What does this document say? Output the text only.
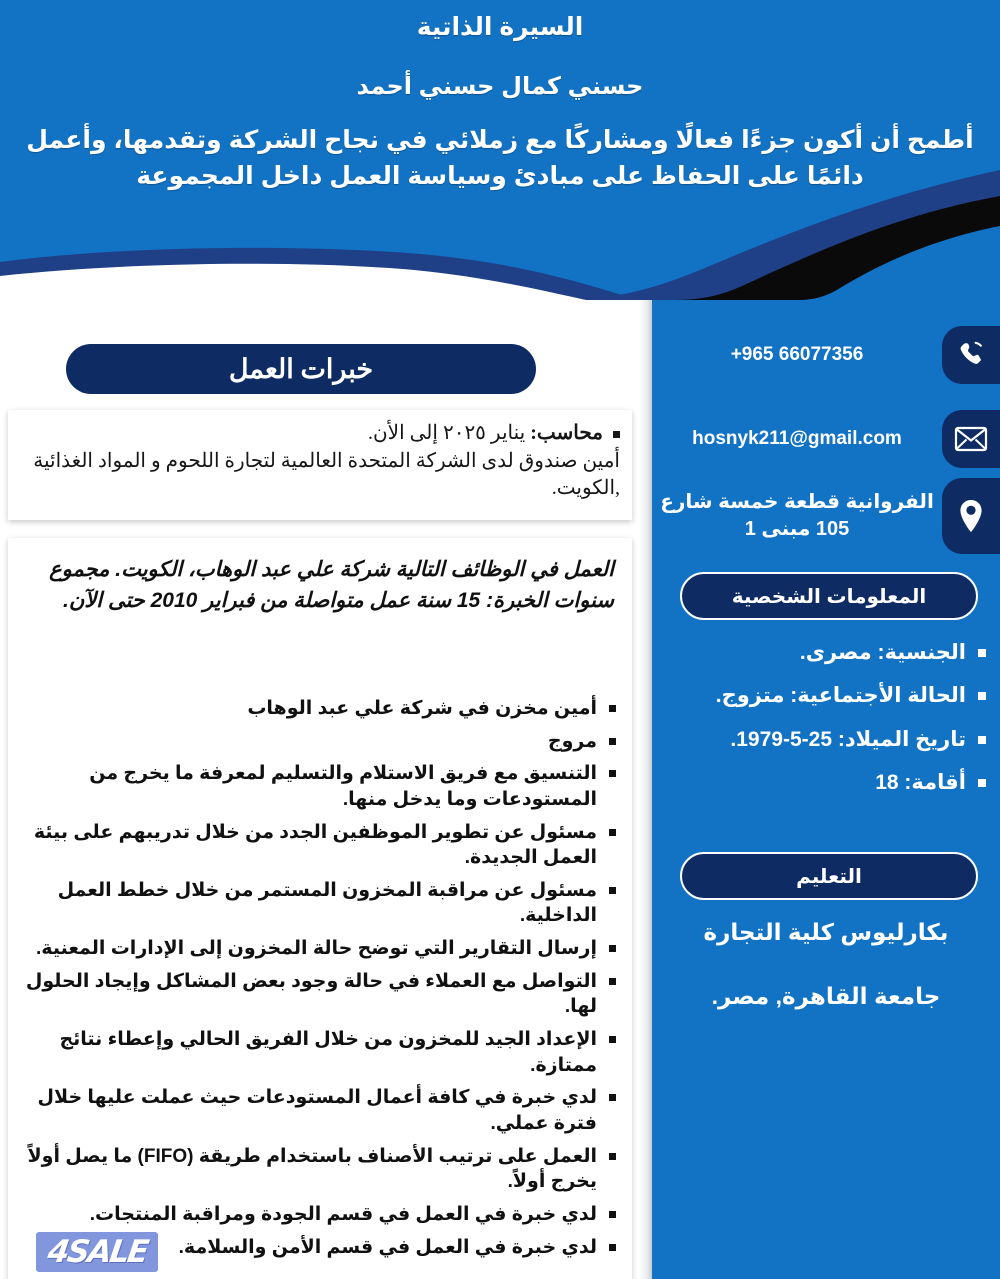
السيرة الذاتية
حسني كمال حسني أحمد
أطمح أن أكون جزءًا فعالًا ومشاركًا مع زملائي في نجاح الشركة وتقدمها، وأعمل دائمًا على الحفاظ على مبادئ وسياسة العمل داخل المجموعة
+965 66077356
hosnyk211@gmail.com
الفروانية قطعة خمسة شارع 105 مبنى 1
المعلومات الشخصية
الجنسية: مصرى.
الحالة الأجتماعية: متزوج.
تاريخ الميلاد: 25-5-1979.
أقامة: 18
التعليم
بكارليوس كلية التجارة
جامعة القاهرة, مصر.
خبرات العمل
محاسب: يناير ٢٠٢٥ إلى الأن.
أمين صندوق لدى الشركة المتحدة العالمية لتجارة اللحوم و المواد الغذائية ,الكويت.
العمل في الوظائف التالية شركة علي عبد الوهاب، الكويت. مجموع سنوات الخبرة: 15 سنة عمل متواصلة من فبراير 2010 حتى الآن.
أمين مخزن في شركة علي عبد الوهاب
مروج
التنسيق مع فريق الاستلام والتسليم لمعرفة ما يخرج من المستودعات وما يدخل منها.
مسئول عن تطوير الموظفين الجدد من خلال تدريبهم على بيئة العمل الجديدة.
مسئول عن مراقبة المخزون المستمر من خلال خطط العمل الداخلية.
إرسال التقارير التي توضح حالة المخزون إلى الإدارات المعنية.
التواصل مع العملاء في حالة وجود بعض المشاكل وإيجاد الحلول لها.
الإعداد الجيد للمخزون من خلال الفريق الحالي وإعطاء نتائج ممتازة.
لدي خبرة في كافة أعمال المستودعات حيث عملت عليها خلال فترة عملي.
العمل على ترتيب الأصناف باستخدام طريقة (FIFO) ما يصل أولاً يخرج أولاً.
لدي خبرة في العمل في قسم الجودة ومراقبة المنتجات.
لدي خبرة في العمل في قسم الأمن والسلامة.
4SALE
